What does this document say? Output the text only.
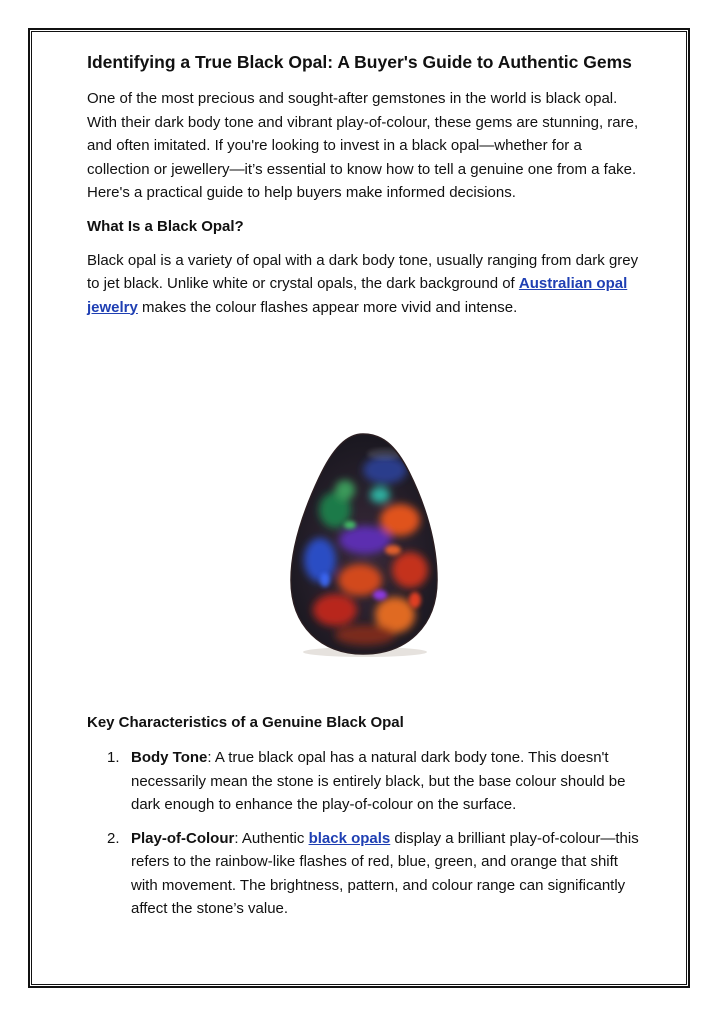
Identifying a True Black Opal: A Buyer's Guide to Authentic Gems

One of the most precious and sought-after gemstones in the world is black opal. With their dark body tone and vibrant play-of-colour, these gems are stunning, rare, and often imitated. If you're looking to invest in a black opal—whether for a collection or jewellery—it’s essential to know how to tell a genuine one from a fake. Here's a practical guide to help buyers make informed decisions.

What Is a Black Opal?

Black opal is a variety of opal with a dark body tone, usually ranging from dark grey to jet black. Unlike white or crystal opals, the dark background of Australian opal jewelry makes the colour flashes appear more vivid and intense.

Key Characteristics of a Genuine Black Opal
1. Body Tone: A true black opal has a natural dark body tone. This doesn't necessarily mean the stone is entirely black, but the base colour should be dark enough to enhance the play-of-colour on the surface.
2. Play-of-Colour: Authentic black opals display a brilliant play-of-colour—this refers to the rainbow-like flashes of red, blue, green, and orange that shift with movement. The brightness, pattern, and colour range can significantly affect the stone’s value.
